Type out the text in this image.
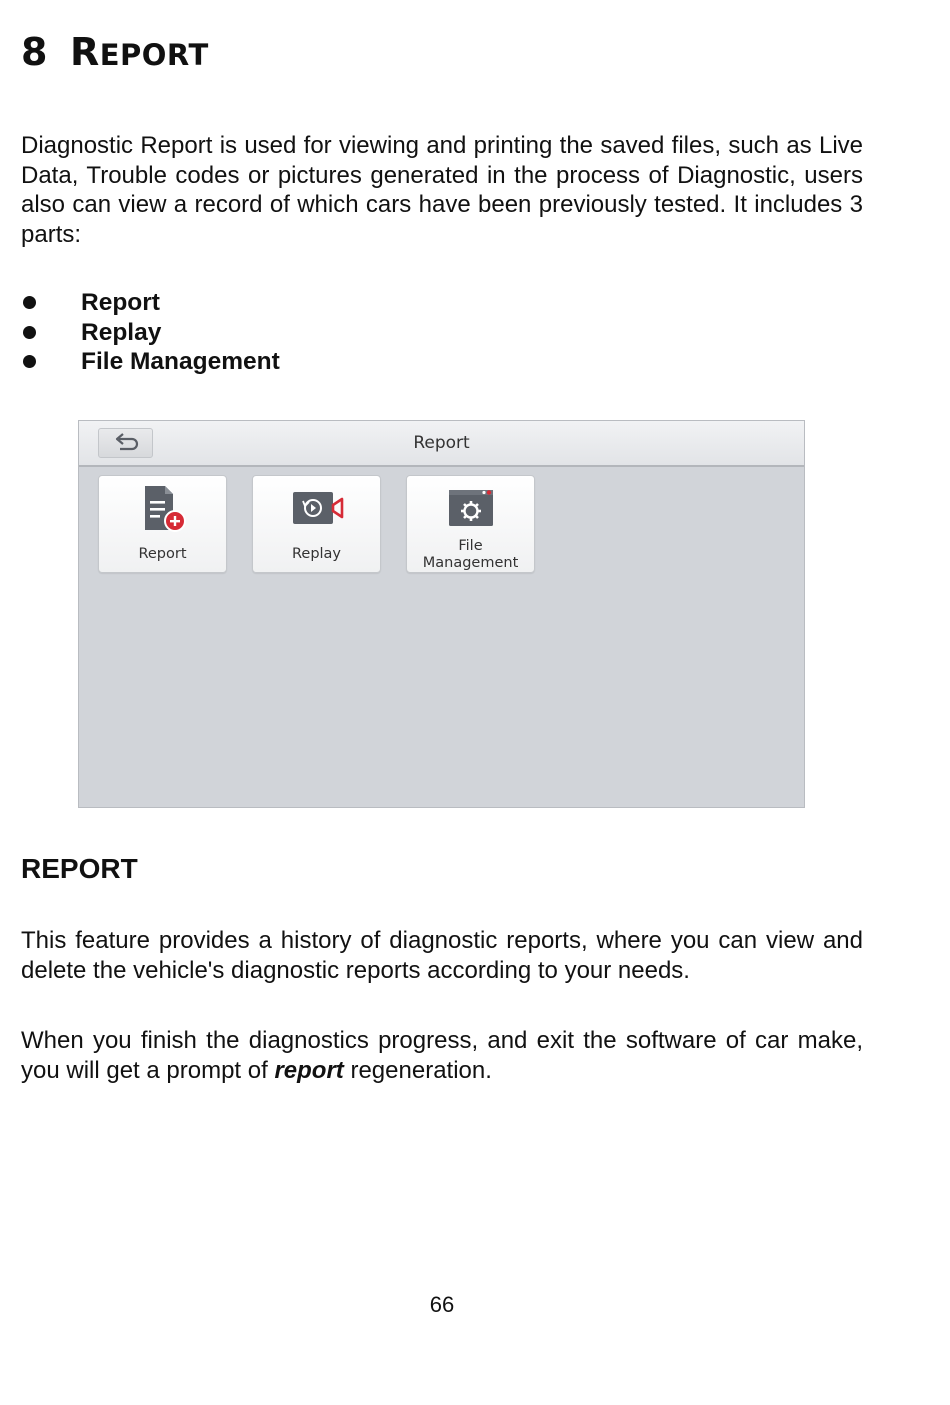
8 REPORT

Diagnostic Report is used for viewing and printing the saved files, such as Live Data, Trouble codes or pictures generated in the process of Diagnostic, users also can view a record of which cars have been previously tested. It includes 3 parts:

Report
Replay
File Management
Report
Report	Replay	File
Management
REPORT

This feature provides a history of diagnostic reports, where you can view and delete the vehicle's diagnostic reports according to your needs.

When you finish the diagnostics progress, and exit the software of car make, you will get a prompt of report regeneration.

66
